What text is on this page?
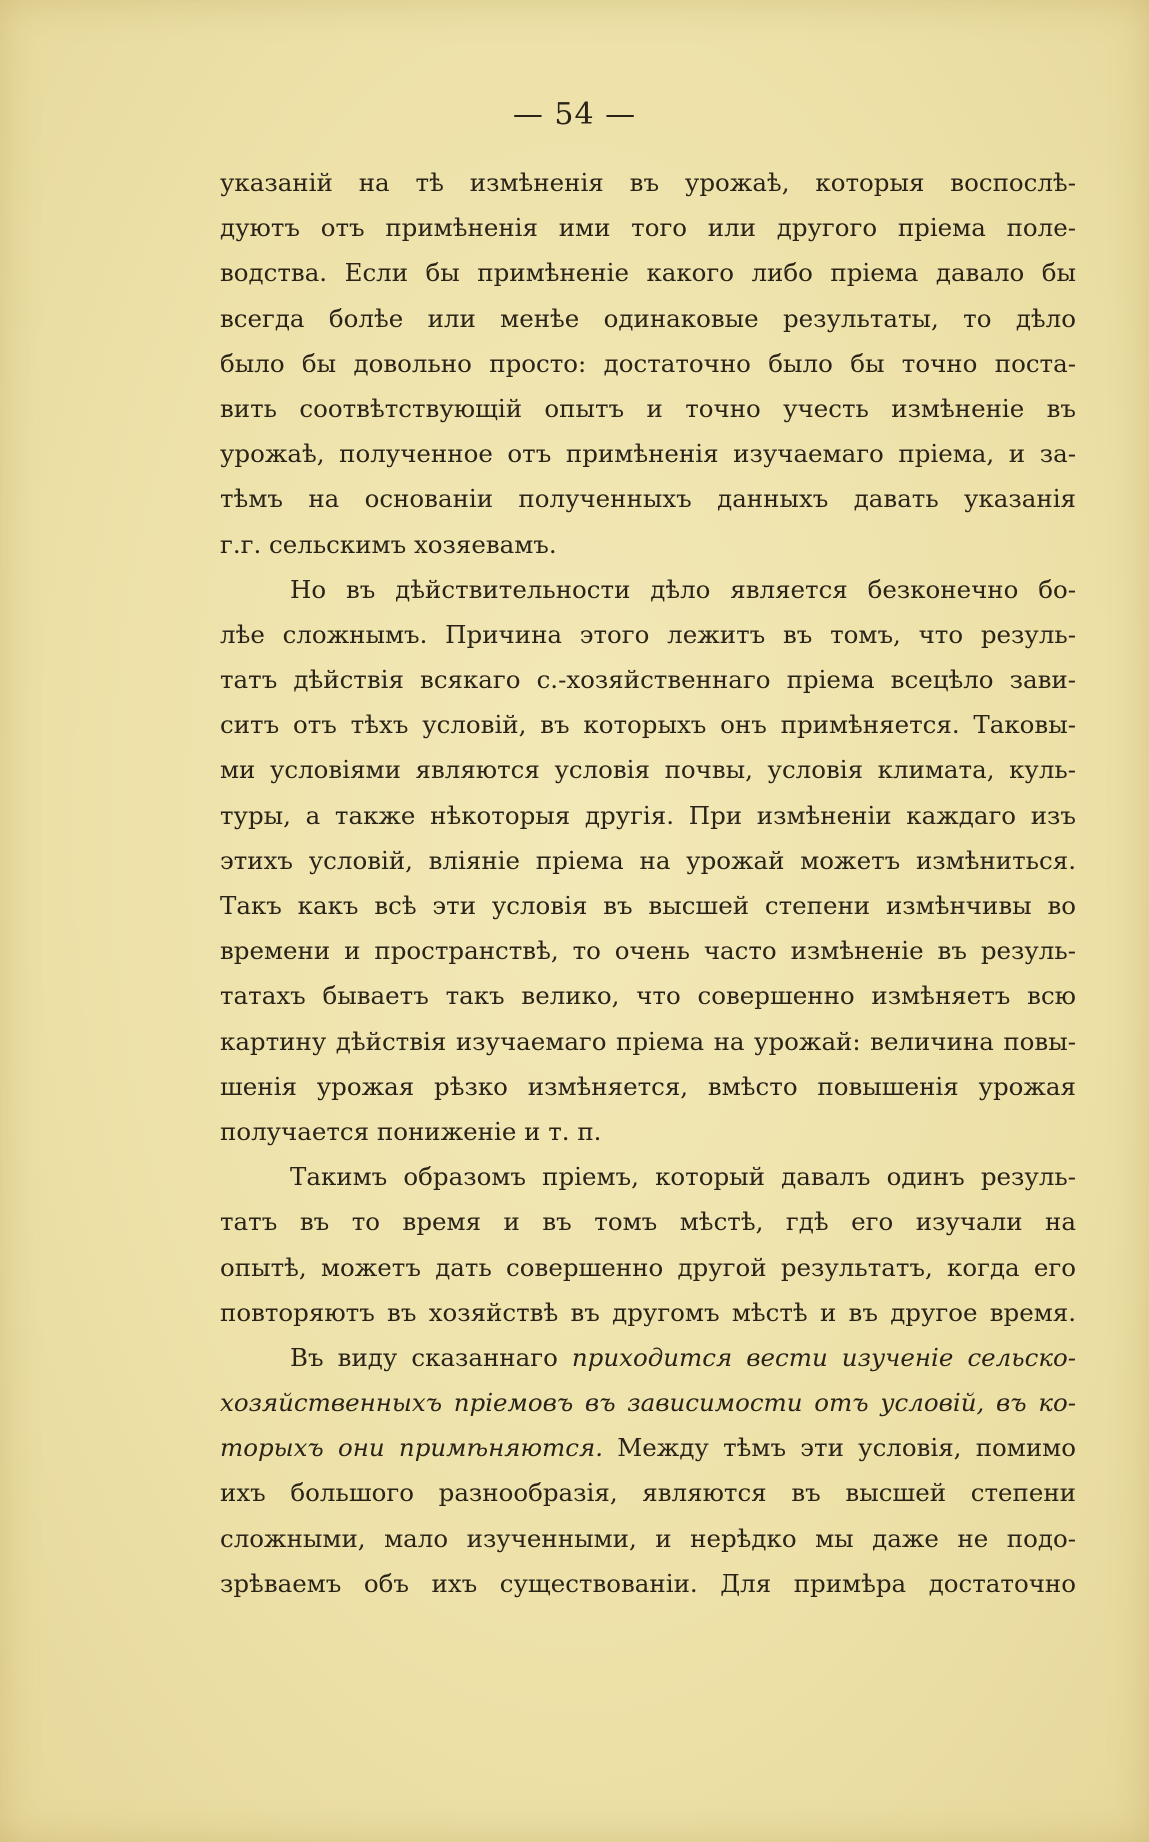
— 54 —
указаній на тѣ измѣненія въ урожаѣ, которыя воспослѣ-
дуютъ отъ примѣненія ими того или другого пріема поле-
водства. Если бы примѣненіе какого либо пріема давало бы
всегда болѣе или менѣе одинаковые результаты, то дѣло
было бы довольно просто: достаточно было бы точно поста-
вить соотвѣтствующій опытъ и точно учесть измѣненіе въ
урожаѣ, полученное отъ примѣненія изучаемаго пріема, и за-
тѣмъ на основаніи полученныхъ данныхъ давать указанія
г.г. сельскимъ хозяевамъ.
Но въ дѣйствительности дѣло является безконечно бо-
лѣе сложнымъ. Причина этого лежитъ въ томъ, что резуль-
татъ дѣйствія всякаго с.-хозяйственнаго пріема всецѣло зави-
ситъ отъ тѣхъ условій, въ которыхъ онъ примѣняется. Таковы-
ми условіями являются условія почвы, условія климата, куль-
туры, а также нѣкоторыя другія. При измѣненіи каждаго изъ
этихъ условій, вліяніе пріема на урожай можетъ измѣниться.
Такъ какъ всѣ эти условія въ высшей степени измѣнчивы во
времени и пространствѣ, то очень часто измѣненіе въ резуль-
татахъ бываетъ такъ велико, что совершенно измѣняетъ всю
картину дѣйствія изучаемаго пріема на урожай: величина повы-
шенія урожая рѣзко измѣняется, вмѣсто повышенія урожая
получается пониженіе и т. п.
Такимъ образомъ пріемъ, который давалъ одинъ резуль-
татъ въ то время и въ томъ мѣстѣ, гдѣ его изучали на
опытѣ, можетъ дать совершенно другой результатъ, когда его
повторяютъ въ хозяйствѣ въ другомъ мѣстѣ и въ другое время.
Въ виду сказаннаго приходится вести изученіе сельско-
хозяйственныхъ пріемовъ въ зависимости отъ условій, въ ко-
торыхъ они примѣняются. Между тѣмъ эти условія, помимо
ихъ большого разнообразія, являются въ высшей степени
сложными, мало изученными, и нерѣдко мы даже не подо-
зрѣваемъ объ ихъ существованіи. Для примѣра достаточно
